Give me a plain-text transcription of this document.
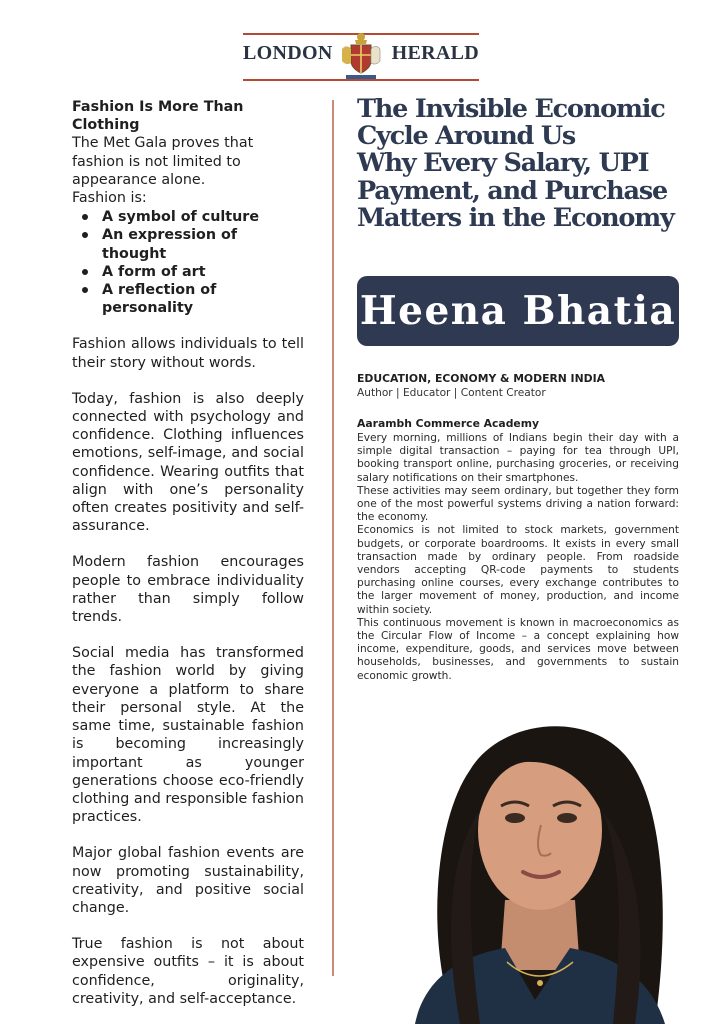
LONDON	HERALD
Fashion Is More Than Clothing

The Met Gala proves that fashion is not limited to appearance alone.

Fashion is:

A symbol of culture
An expression of thought
A form of art
A reflection of personality

Fashion allows individuals to tell their story without words.

Today, fashion is also deeply connected with psychology and confidence. Clothing influences emotions, self-image, and social confidence. Wearing outfits that align with one’s personality often creates positivity and self-assurance.

Modern fashion encourages people to embrace individuality rather than simply follow trends.

Social media has transformed the fashion world by giving everyone a platform to share their personal style. At the same time, sustainable fashion is becoming increasingly important as younger generations choose eco-friendly clothing and responsible fashion practices.

Major global fashion events are now promoting sustainability, creativity, and positive social change.

True fashion is not about expensive outfits – it is about confidence, originality, creativity, and self-acceptance.

The Invisible Economic
Cycle Around Us
Why Every Salary, UPI
Payment, and Purchase
Matters in the Economy
Heena Bhatia
EDUCATION, ECONOMY & MODERN INDIA
Author | Educator | Content Creator
Aarambh Commerce Academy

Every morning, millions of Indians begin their day with a simple digital transaction – paying for tea through UPI, booking transport online, purchasing groceries, or receiving salary notifications on their smartphones.

These activities may seem ordinary, but together they form one of the most powerful systems driving a nation forward: the economy.

Economics is not limited to stock markets, government budgets, or corporate boardrooms. It exists in every small transaction made by ordinary people. From roadside vendors accepting QR-code payments to students purchasing online courses, every exchange contributes to the larger movement of money, production, and income within society.

This continuous movement is known in macroeconomics as the Circular Flow of Income – a concept explaining how income, expenditure, goods, and services move between households, businesses, and governments to sustain economic growth.
